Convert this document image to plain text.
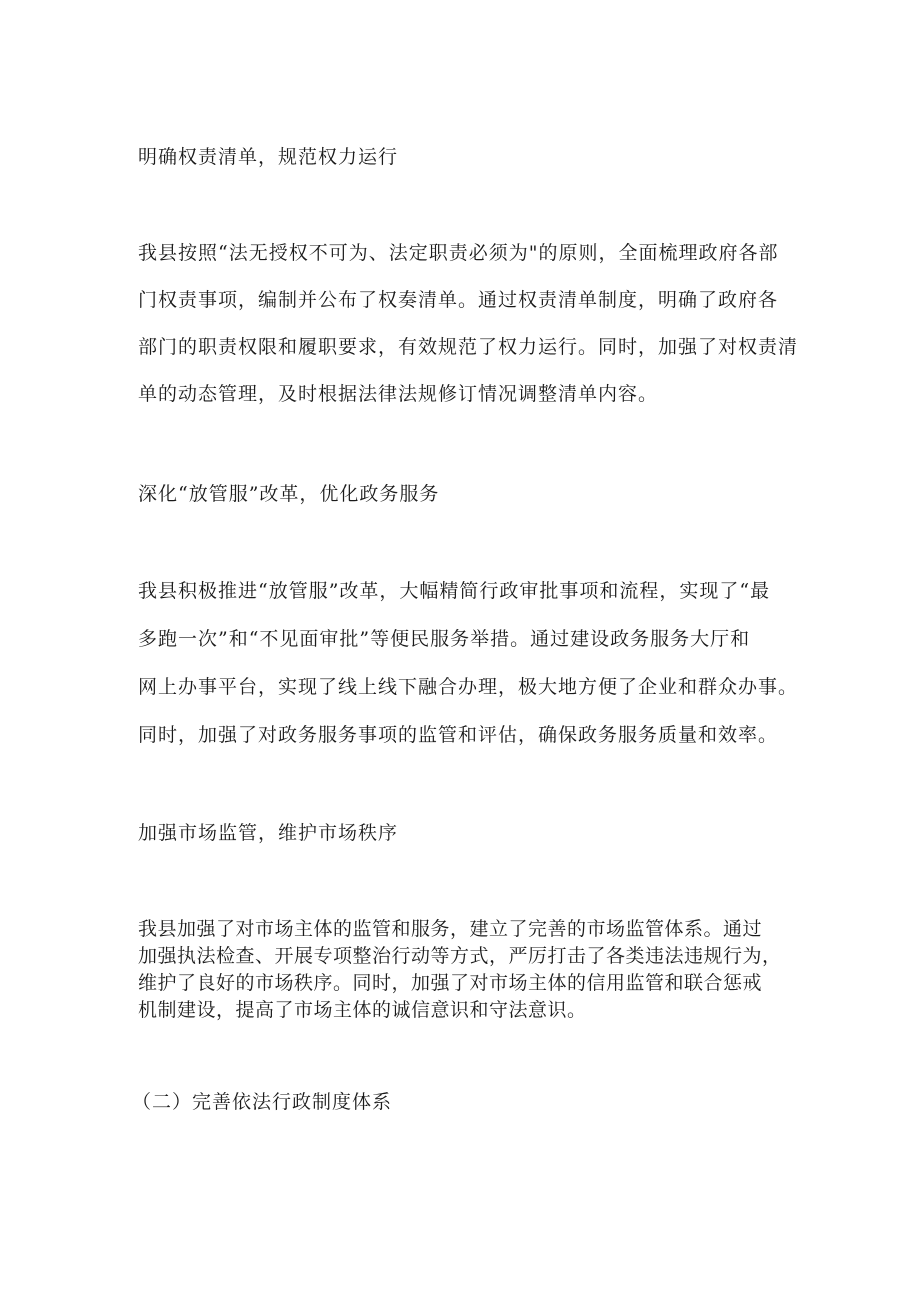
明确权责清单，规范权力运行
我县按照“法无授权不可为、法定职责必须为"的原则，全面梳理政府各部
门权责事项，编制并公布了权奏清单。通过权责清单制度，明确了政府各
部门的职责权限和履职要求，有效规范了权力运行。同时，加强了对权责清
单的动态管理，及时根据法律法规修订情况调整清单内容。
深化“放管服”改革，优化政务服务
我县积极推进“放管服”改革，大幅精简行政审批事项和流程，实现了“最
多跑一次”和“不见面审批”等便民服务举措。通过建设政务服务大厅和
网上办事平台，实现了线上线下融合办理，极大地方便了企业和群众办事。
同时，加强了对政务服务事项的监管和评估，确保政务服务质量和效率。
加强市场监管，维护市场秩序
我县加强了对市场主体的监管和服务，建立了完善的市场监管体系。通过
加强执法检查、开展专项整治行动等方式，严厉打击了各类违法违规行为，
维护了良好的市场秩序。同时，加强了对市场主体的信用监管和联合惩戒
机制建设，提高了市场主体的诚信意识和守法意识。
（二）完善依法行政制度体系
